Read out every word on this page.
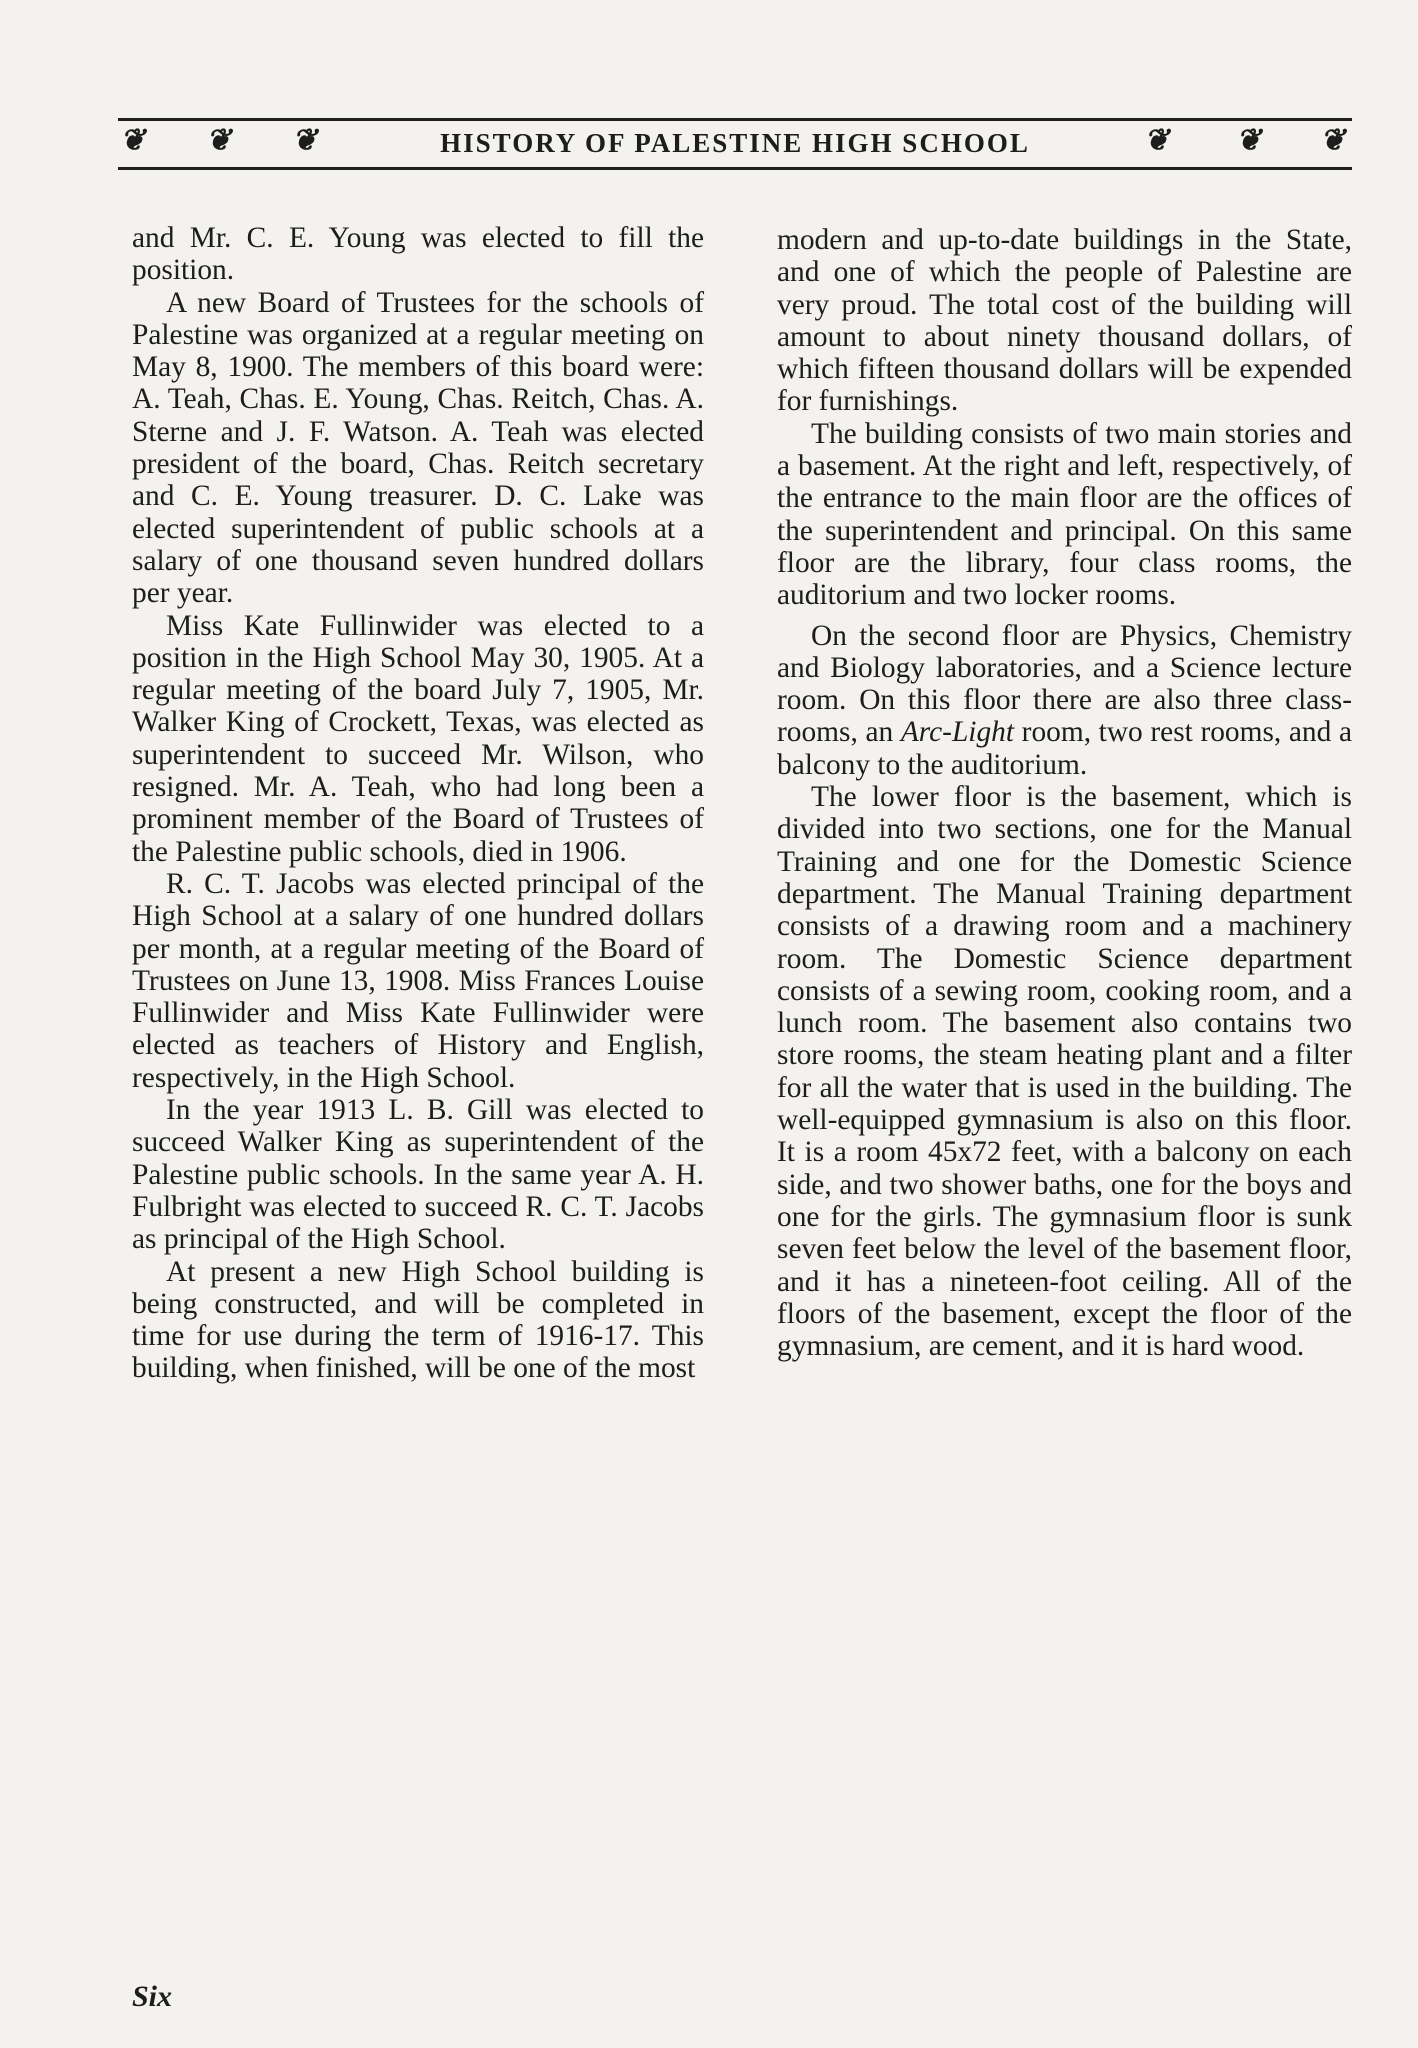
❦ ❦ ❦	HISTORY OF PALESTINE HIGH SCHOOL	❦ ❦ ❦

and Mr. C. E. Young was elected to fill the position.

A new Board of Trustees for the schools of Palestine was organized at a regular meeting on May 8, 1900. The members of this board were: A. Teah, Chas. E. Young, Chas. Reitch, Chas. A. Sterne and J. F. Watson. A. Teah was elected president of the board, Chas. Reitch secretary and C. E. Young treasurer. D. C. Lake was elected superintendent of public schools at a salary of one thousand seven hundred dollars per year.

Miss Kate Fullinwider was elected to a position in the High School May 30, 1905. At a regular meeting of the board July 7, 1905, Mr. Walker King of Crockett, Texas, was elected as superintendent to succeed Mr. Wilson, who resigned. Mr. A. Teah, who had long been a prominent member of the Board of Trustees of the Palestine public schools, died in 1906.

R. C. T. Jacobs was elected principal of the High School at a salary of one hundred dollars per month, at a regular meeting of the Board of Trustees on June 13, 1908. Miss Frances Louise Fullinwider and Miss Kate Fullinwider were elected as teachers of History and English, respectively, in the High School.

In the year 1913 L. B. Gill was elected to succeed Walker King as superintendent of the Palestine public schools. In the same year A. H. Fulbright was elected to succeed R. C. T. Jacobs as principal of the High School.

At present a new High School building is being constructed, and will be completed in time for use during the term of 1916-17. This building, when finished, will be one of the most

modern and up-to-date buildings in the State, and one of which the people of Palestine are very proud. The total cost of the building will amount to about ninety thousand dollars, of which fifteen thousand dollars will be expended for furnishings.

The building consists of two main stories and a basement. At the right and left, respectively, of the entrance to the main floor are the offices of the superintendent and principal. On this same floor are the library, four class rooms, the auditorium and two locker rooms.

On the second floor are Physics, Chemistry and Biology laboratories, and a Science lecture room. On this floor there are also three class-rooms, an Arc-Light room, two rest rooms, and a balcony to the auditorium.

The lower floor is the basement, which is divided into two sections, one for the Manual Training and one for the Domestic Science department. The Manual Training department consists of a drawing room and a machinery room. The Domestic Science department consists of a sewing room, cooking room, and a lunch room. The basement also contains two store rooms, the steam heating plant and a filter for all the water that is used in the building. The well-equipped gymnasium is also on this floor. It is a room 45x72 feet, with a balcony on each side, and two shower baths, one for the boys and one for the girls. The gymnasium floor is sunk seven feet below the level of the basement floor, and it has a nineteen-foot ceiling. All of the floors of the basement, except the floor of the gymnasium, are cement, and it is hard wood.

Six
